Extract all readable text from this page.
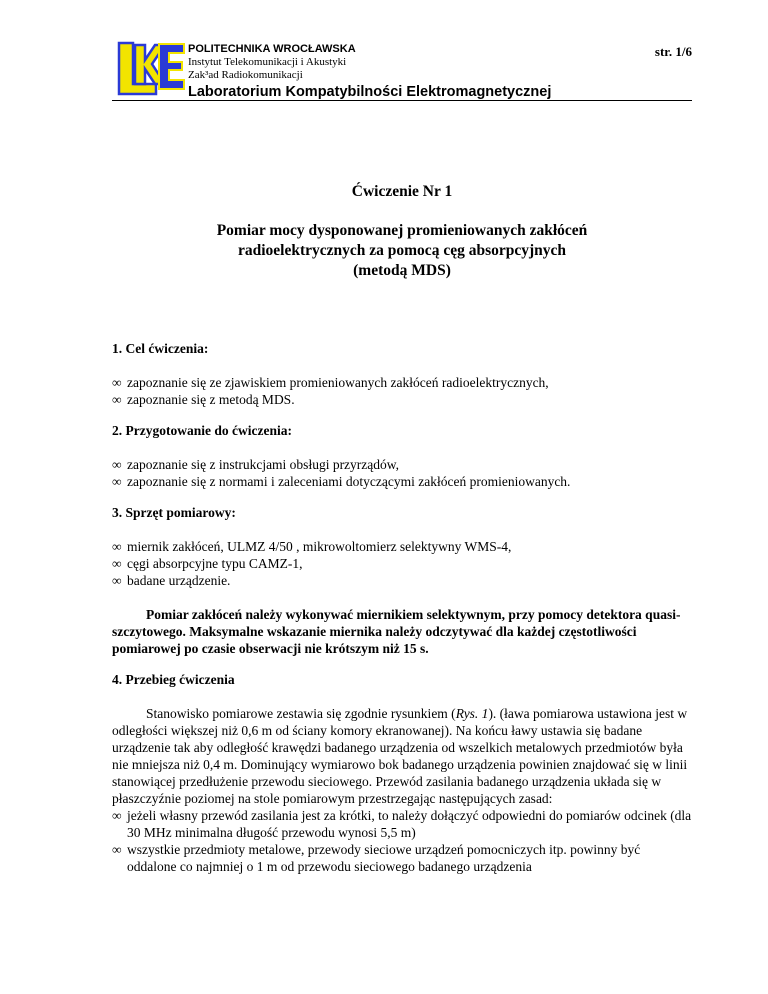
POLITECHNIKA WROCŁAWSKA
Instytut Telekomunikacji i Akustyki
Zak³ad Radiokomunikacji
Laboratorium Kompatybilności Elektromagnetycznej
str. 1/6
Ćwiczenie Nr 1
Pomiar mocy dysponowanej promieniowanych zakłóceń
radioelektrycznych za pomocą cęg absorpcyjnych
(metodą MDS)
1. Cel ćwiczenia:
∞ zapoznanie się ze zjawiskiem promieniowanych zakłóceń radioelektrycznych,
∞ zapoznanie się z metodą MDS.
2. Przygotowanie do ćwiczenia:
∞ zapoznanie się z instrukcjami obsługi przyrządów,
∞ zapoznanie się z normami i zaleceniami dotyczącymi zakłóceń promieniowanych.
3. Sprzęt pomiarowy:
∞ miernik zakłóceń, ULMZ 4/50 , mikrowoltomierz selektywny WMS-4,
∞ cęgi absorpcyjne typu CAMZ-1,
∞ badane urządzenie.
Pomiar zakłóceń należy wykonywać miernikiem selektywnym, przy pomocy detektora quasi-szczytowego. Maksymalne wskazanie miernika należy odczytywać dla każdej częstotliwości pomiarowej po czasie obserwacji nie krótszym niż 15 s.
4. Przebieg ćwiczenia
Stanowisko pomiarowe zestawia się zgodnie rysunkiem (Rys. 1). (ława pomiarowa ustawiona jest w odległości większej niż 0,6 m od ściany komory ekranowanej). Na końcu ławy ustawia się badane urządzenie tak aby odległość krawędzi badanego urządzenia od wszelkich metalowych przedmiotów była nie mniejsza niż 0,4 m. Dominujący wymiarowo bok badanego urządzenia powinien znajdować się w linii stanowiącej przedłużenie przewodu sieciowego. Przewód zasilania badanego urządzenia układa się w płaszczyźnie poziomej na stole pomiarowym przestrzegając następujących zasad:
∞ jeżeli własny przewód zasilania jest za krótki, to należy dołączyć odpowiedni do pomiarów odcinek (dla 30 MHz minimalna długość przewodu wynosi 5,5 m)
∞ wszystkie przedmioty metalowe, przewody sieciowe urządzeń pomocniczych itp. powinny być oddalone co najmniej o 1 m od przewodu sieciowego badanego urządzenia
